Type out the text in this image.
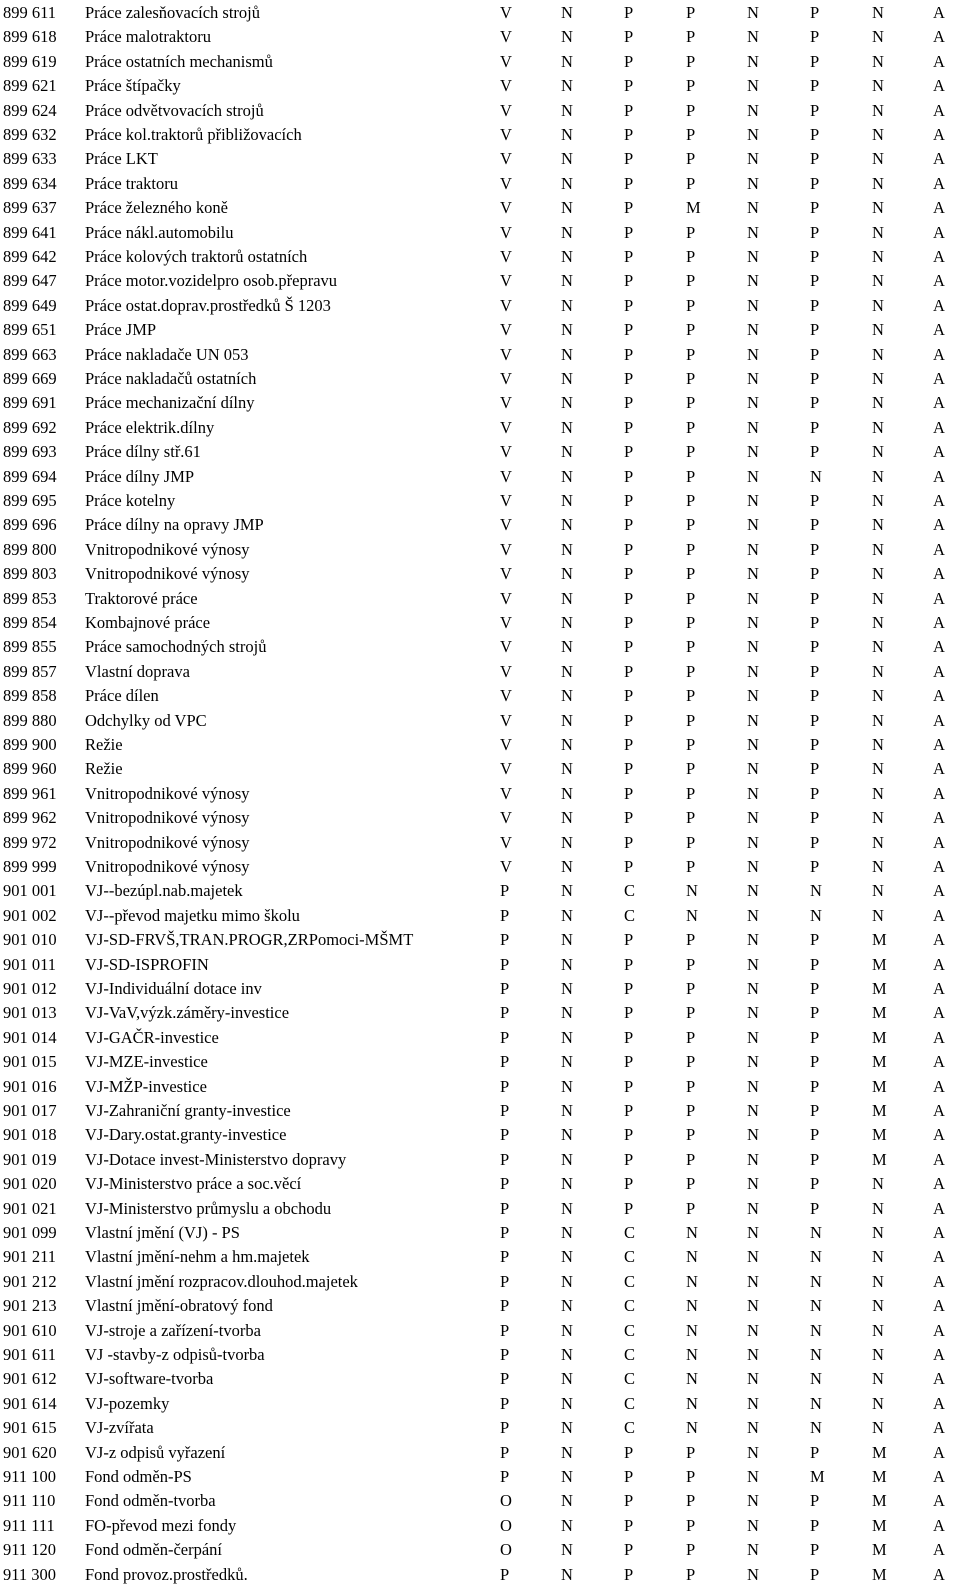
899 611 Práce zalesňovacích strojů	V	N	P	P	N	P	N	A
899 618 Práce malotraktoru	V	N	P	P	N	P	N	A
899 619 Práce ostatních mechanismů	V	N	P	P	N	P	N	A
899 621 Práce štípačky	V	N	P	P	N	P	N	A
899 624 Práce odvětvovacích strojů	V	N	P	P	N	P	N	A
899 632 Práce kol.traktorů přibližovacích	V	N	P	P	N	P	N	A
899 633 Práce LKT	V	N	P	P	N	P	N	A
899 634 Práce traktoru	V	N	P	P	N	P	N	A
899 637 Práce železného koně	V	N	P	M	N	P	N	A
899 641 Práce nákl.automobilu	V	N	P	P	N	P	N	A
899 642 Práce kolových traktorů ostatních	V	N	P	P	N	P	N	A
899 647 Práce motor.vozidelpro osob.přepravu	V	N	P	P	N	P	N	A
899 649 Práce ostat.doprav.prostředků Š 1203	V	N	P	P	N	P	N	A
899 651 Práce JMP	V	N	P	P	N	P	N	A
899 663 Práce nakladače UN 053	V	N	P	P	N	P	N	A
899 669 Práce nakladačů ostatních	V	N	P	P	N	P	N	A
899 691 Práce mechanizační dílny	V	N	P	P	N	P	N	A
899 692 Práce elektrik.dílny	V	N	P	P	N	P	N	A
899 693 Práce dílny stř.61	V	N	P	P	N	P	N	A
899 694 Práce dílny JMP	V	N	P	P	N	N	N	A
899 695 Práce kotelny	V	N	P	P	N	P	N	A
899 696 Práce dílny na opravy JMP	V	N	P	P	N	P	N	A
899 800 Vnitropodnikové výnosy	V	N	P	P	N	P	N	A
899 803 Vnitropodnikové výnosy	V	N	P	P	N	P	N	A
899 853 Traktorové práce	V	N	P	P	N	P	N	A
899 854 Kombajnové práce	V	N	P	P	N	P	N	A
899 855 Práce samochodných strojů	V	N	P	P	N	P	N	A
899 857 Vlastní doprava	V	N	P	P	N	P	N	A
899 858 Práce dílen	V	N	P	P	N	P	N	A
899 880 Odchylky od VPC	V	N	P	P	N	P	N	A
899 900 Režie	V	N	P	P	N	P	N	A
899 960 Režie	V	N	P	P	N	P	N	A
899 961 Vnitropodnikové výnosy	V	N	P	P	N	P	N	A
899 962 Vnitropodnikové výnosy	V	N	P	P	N	P	N	A
899 972 Vnitropodnikové výnosy	V	N	P	P	N	P	N	A
899 999 Vnitropodnikové výnosy	V	N	P	P	N	P	N	A
901 001 VJ--bezúpl.nab.majetek	P	N	C	N	N	N	N	A
901 002 VJ--převod majetku mimo školu	P	N	C	N	N	N	N	A
901 010 VJ-SD-FRVŠ,TRAN.PROGR,ZRPomoci-MŠMT	P	N	P	P	N	P	M	A
901 011 VJ-SD-ISPROFIN	P	N	P	P	N	P	M	A
901 012 VJ-Individuální dotace inv	P	N	P	P	N	P	M	A
901 013 VJ-VaV,výzk.záměry-investice	P	N	P	P	N	P	M	A
901 014 VJ-GAČR-investice	P	N	P	P	N	P	M	A
901 015 VJ-MZE-investice	P	N	P	P	N	P	M	A
901 016 VJ-MŽP-investice	P	N	P	P	N	P	M	A
901 017 VJ-Zahraniční granty-investice	P	N	P	P	N	P	M	A
901 018 VJ-Dary.ostat.granty-investice	P	N	P	P	N	P	M	A
901 019 VJ-Dotace invest-Ministerstvo dopravy	P	N	P	P	N	P	M	A
901 020 VJ-Ministerstvo práce a soc.věcí	P	N	P	P	N	P	N	A
901 021 VJ-Ministerstvo průmyslu a obchodu	P	N	P	P	N	P	N	A
901 099 Vlastní jmění (VJ) - PS	P	N	C	N	N	N	N	A
901 211 Vlastní jmění-nehm a hm.majetek	P	N	C	N	N	N	N	A
901 212 Vlastní jmění rozpracov.dlouhod.majetek	P	N	C	N	N	N	N	A
901 213 Vlastní jmění-obratový fond	P	N	C	N	N	N	N	A
901 610 VJ-stroje a zařízení-tvorba	P	N	C	N	N	N	N	A
901 611 VJ -stavby-z odpisů-tvorba	P	N	C	N	N	N	N	A
901 612 VJ-software-tvorba	P	N	C	N	N	N	N	A
901 614 VJ-pozemky	P	N	C	N	N	N	N	A
901 615 VJ-zvířata	P	N	C	N	N	N	N	A
901 620 VJ-z odpisů vyřazení	P	N	P	P	N	P	M	A
911 100 Fond odměn-PS	P	N	P	P	N	M	M	A
911 110 Fond odměn-tvorba	O	N	P	P	N	P	M	A
911 111 FO-převod mezi fondy	O	N	P	P	N	P	M	A
911 120 Fond odměn-čerpání	O	N	P	P	N	P	M	A
911 300 Fond provoz.prostředků.	P	N	P	P	N	P	M	A
